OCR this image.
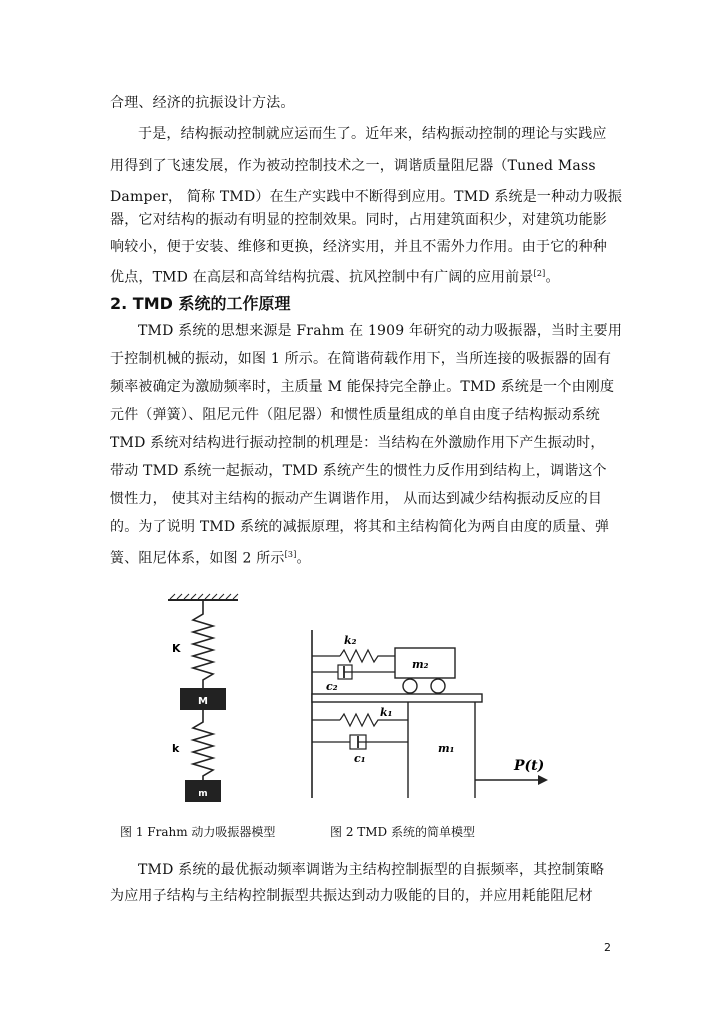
合理、经济的抗振设计方法。
于是，结构振动控制就应运而生了。近年来，结构振动控制的理论与实践应
用得到了飞速发展，作为被动控制技术之一，调谐质量阻尼器（Tuned Mass
Damper， 简称 TMD）在生产实践中不断得到应用。TMD 系统是一种动力吸振
器，它对结构的振动有明显的控制效果。同时，占用建筑面积少，对建筑功能影
响较小，便于安装、维修和更换，经济实用，并且不需外力作用。由于它的种种
优点，TMD 在高层和高耸结构抗震、抗风控制中有广阔的应用前景[2]。
2. TMD 系统的工作原理
TMD 系统的思想来源是 Frahm 在 1909 年研究的动力吸振器，当时主要用
于控制机械的振动，如图 1 所示。在简谐荷载作用下，当所连接的吸振器的固有
频率被确定为激励频率时，主质量 M 能保持完全静止。TMD 系统是一个由刚度
元件（弹簧）、阻尼元件（阻尼器）和惯性质量组成的单自由度子结构振动系统
TMD 系统对结构进行振动控制的机理是：当结构在外激励作用下产生振动时，
带动 TMD 系统一起振动，TMD 系统产生的惯性力反作用到结构上，调谐这个
惯性力， 使其对主结构的振动产生调谐作用， 从而达到减少结构振动反应的目
的。为了说明 TMD 系统的减振原理，将其和主结构简化为两自由度的质量、弹
簧、阻尼体系，如图 2 所示[3]。
K
M
k
m
k₂
c₂
m₂
m₁
k₁
c₁	P(t)
图 1 Frahm 动力吸振器模型	图 2 TMD 系统的简单模型
TMD 系统的最优振动频率调谐为主结构控制振型的自振频率，其控制策略
为应用子结构与主结构控制振型共振达到动力吸能的目的，并应用耗能阻尼材
2
